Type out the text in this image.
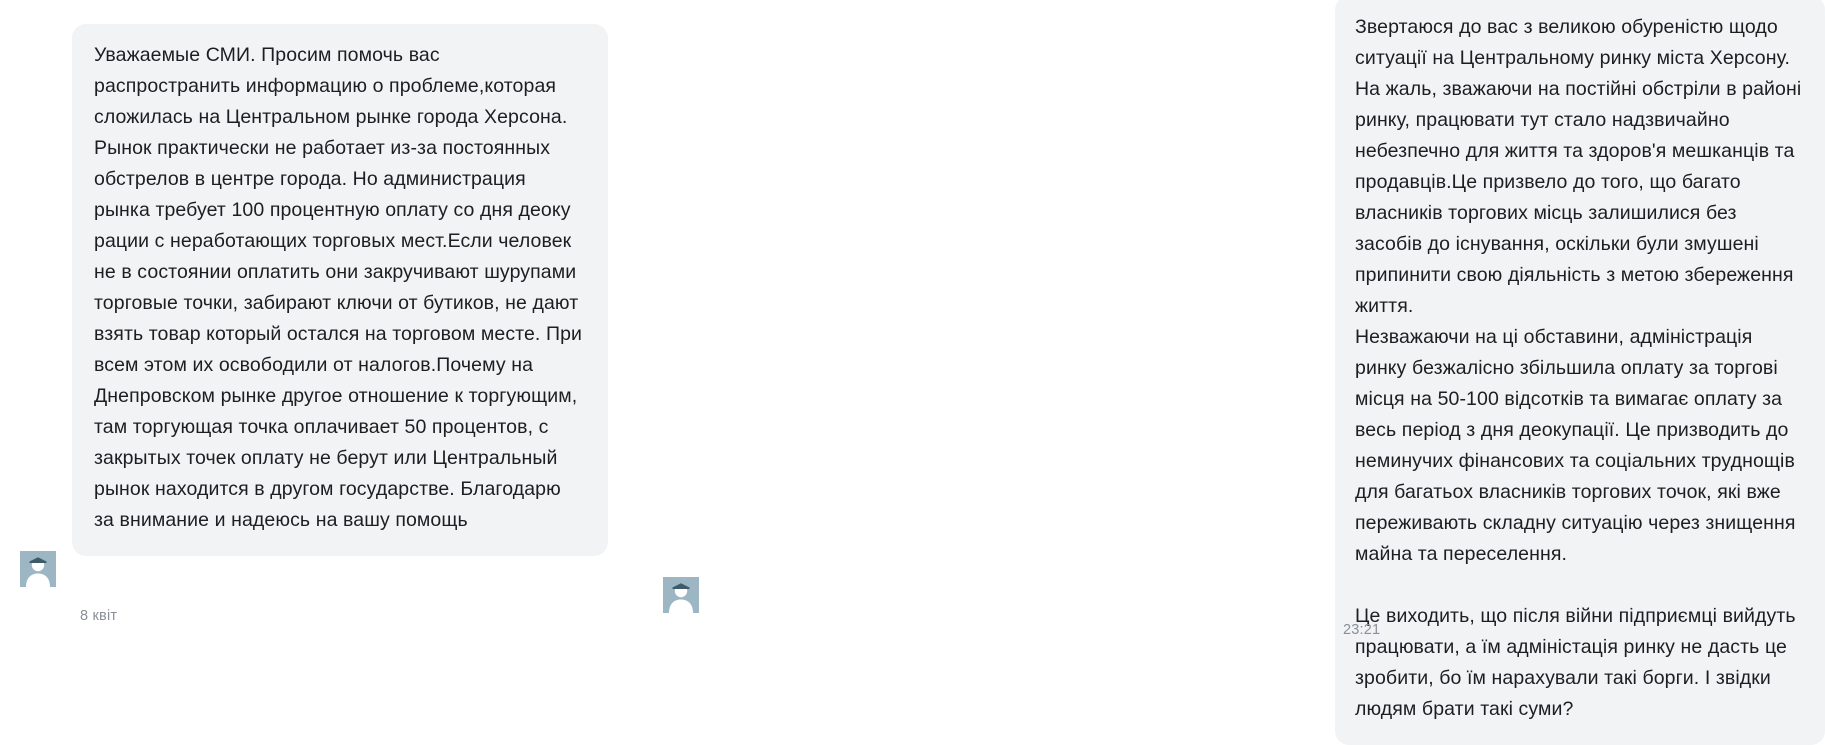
Уважаемые СМИ. Просим помочь вас распространить информацию о проблеме,которая сложилась на Центральном рынке города Херсона. Рынок практически не работает из-за постоянных обстрелов в центре города. Но администрация рынка требует 100 процентную оплату со дня деоку рации с неработающих торговых мест.Если человек не в состоянии оплатить они закручивают шурупами торговые точки, забирают ключи от бутиков, не дают взять товар который остался на торговом месте. При всем этом их освободили от налогов.Почему на Днепровском рынке другое отношение к торгующим, там торгующая точка оплачивает 50 процентов, с закрытых точек оплату не берут или Центральный рынок находится в другом государстве. Благодарю за внимание и надеюсь на вашу помощь

8 квіт

Звертаюся до вас з великою обуреністю щодо ситуації на Центральному ринку міста Херсону. На жаль, зважаючи на постійні обстріли в районі ринку, працювати тут стало надзвичайно небезпечно для життя та здоров'я мешканців та продавців.Це призвело до того, що багато власників торгових місць залишилися без засобів до існування, оскільки були змушені припинити свою діяльність з метою збереження життя.

Незважаючи на ці обставини, адміністрація ринку безжалісно збільшила оплату за торгові місця на 50-100 відсотків та вимагає оплату за весь період з дня деокупації. Це призводить до неминучих фінансових та соціальних труднощів для багатьох власників торгових точок, які вже переживають складну ситуацію через знищення майна та переселення.

Це виходить, що після війни підприємці вийдуть працювати, а їм адміністація ринку не дасть це зробити, бо їм нарахували такі борги. І звідки людям брати такі суми?

23:21
